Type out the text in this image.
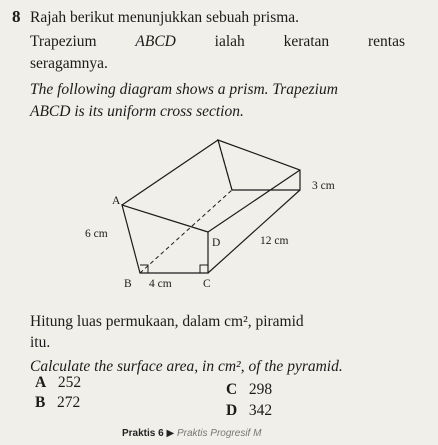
8 Rajah berikut menunjukkan sebuah prisma.
Trapezium	ABCD	ialah	keratan	rentas
seragamnya.
The following diagram shows a prism. Trapezium
ABCD is its uniform cross section.
A
6 cm
D
B 4 cm	C
3 cm
12 cm
Hitung luas permukaan, dalam cm², piramid
itu.
Calculate the surface area, in cm², of the pyramid.
A 252	C 298
B 272	D 342
Praktis 6 ▶ Praktis Progresif M
